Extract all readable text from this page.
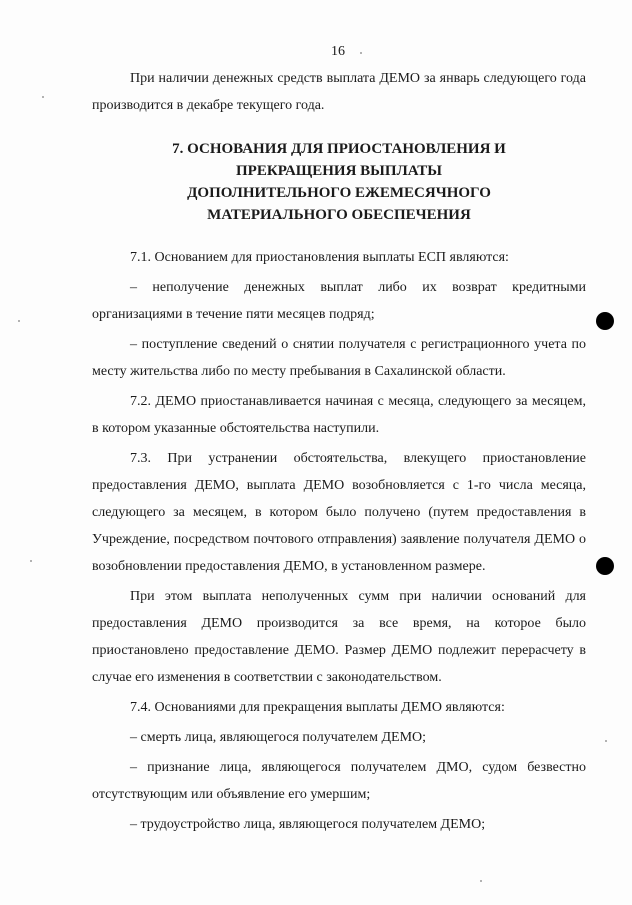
16

При наличии денежных средств выплата ДЕМО за январь следующего года производится в декабре текущего года.

7. ОСНОВАНИЯ ДЛЯ ПРИОСТАНОВЛЕНИЯ И
ПРЕКРАЩЕНИЯ ВЫПЛАТЫ
ДОПОЛНИТЕЛЬНОГО ЕЖЕМЕСЯЧНОГО
МАТЕРИАЛЬНОГО ОБЕСПЕЧЕНИЯ

7.1. Основанием для приостановления выплаты ЕСП являются:

– неполучение денежных выплат либо их возврат кредитными организациями в течение пяти месяцев подряд;

– поступление сведений о снятии получателя с регистрационного учета по месту жительства либо по месту пребывания в Сахалинской области.

7.2. ДЕМО приостанавливается начиная с месяца, следующего за месяцем, в котором указанные обстоятельства наступили.

7.3. При устранении обстоятельства, влекущего приостановление предоставления ДЕМО, выплата ДЕМО возобновляется с 1-го числа месяца, следующего за месяцем, в котором было получено (путем предоставления в Учреждение, посредством почтового отправления) заявление получателя ДЕМО о возобновлении предоставления ДЕМО, в установленном размере.

При этом выплата неполученных сумм при наличии оснований для предоставления ДЕМО производится за все время, на которое было приостановлено предоставление ДЕМО. Размер ДЕМО подлежит перерасчету в случае его изменения в соответствии с законодательством.

7.4. Основаниями для прекращения выплаты ДЕМО являются:

– смерть лица, являющегося получателем ДЕМО;

– признание лица, являющегося получателем ДМО, судом безвестно отсутствующим или объявление его умершим;

– трудоустройство лица, являющегося получателем ДЕМО;
